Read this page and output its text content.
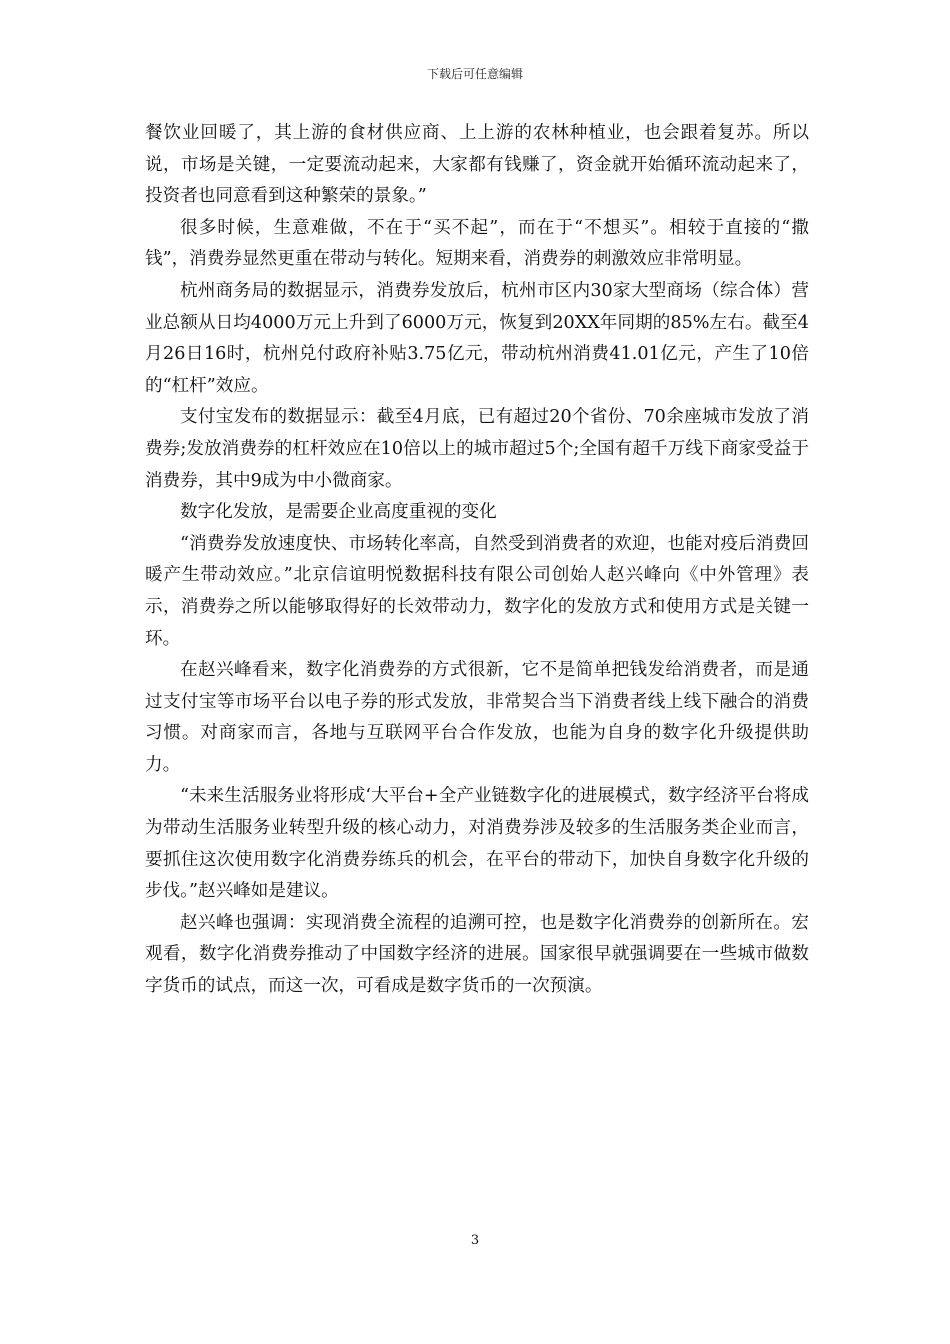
下载后可任意编辑

餐饮业回暖了，其上游的食材供应商、上上游的农林种植业，也会跟着复苏。所以说，市场是关键，一定要流动起来，大家都有钱赚了，资金就开始循环流动起来了，投资者也同意看到这种繁荣的景象。”

很多时候，生意难做，不在于“买不起”，而在于“不想买”。相较于直接的“撒钱”，消费券显然更重在带动与转化。短期来看，消费券的刺激效应非常明显。

杭州商务局的数据显示，消费券发放后，杭州市区内30家大型商场（综合体）营业总额从日均4000万元上升到了6000万元，恢复到20XX年同期的85%左右。截至4月26日16时，杭州兑付政府补贴3.75亿元，带动杭州消费41.01亿元，产生了10倍的“杠杆”效应。

支付宝发布的数据显示：截至4月底，已有超过20个省份、70余座城市发放了消费券;发放消费券的杠杆效应在10倍以上的城市超过5个;全国有超千万线下商家受益于消费券，其中9成为中小微商家。

数字化发放，是需要企业高度重视的变化

“消费券发放速度快、市场转化率高，自然受到消费者的欢迎，也能对疫后消费回暖产生带动效应。”北京信谊明悦数据科技有限公司创始人赵兴峰向《中外管理》表示，消费券之所以能够取得好的长效带动力，数字化的发放方式和使用方式是关键一环。

在赵兴峰看来，数字化消费券的方式很新，它不是简单把钱发给消费者，而是通过支付宝等市场平台以电子券的形式发放，非常契合当下消费者线上线下融合的消费习惯。对商家而言，各地与互联网平台合作发放，也能为自身的数字化升级提供助力。

“未来生活服务业将形成‘大平台+全产业链数字化的进展模式，数字经济平台将成为带动生活服务业转型升级的核心动力，对消费券涉及较多的生活服务类企业而言，要抓住这次使用数字化消费券练兵的机会，在平台的带动下，加快自身数字化升级的步伐。”赵兴峰如是建议。

赵兴峰也强调：实现消费全流程的追溯可控，也是数字化消费券的创新所在。宏观看，数字化消费券推动了中国数字经济的进展。国家很早就强调要在一些城市做数字货币的试点，而这一次，可看成是数字货币的一次预演。

3
